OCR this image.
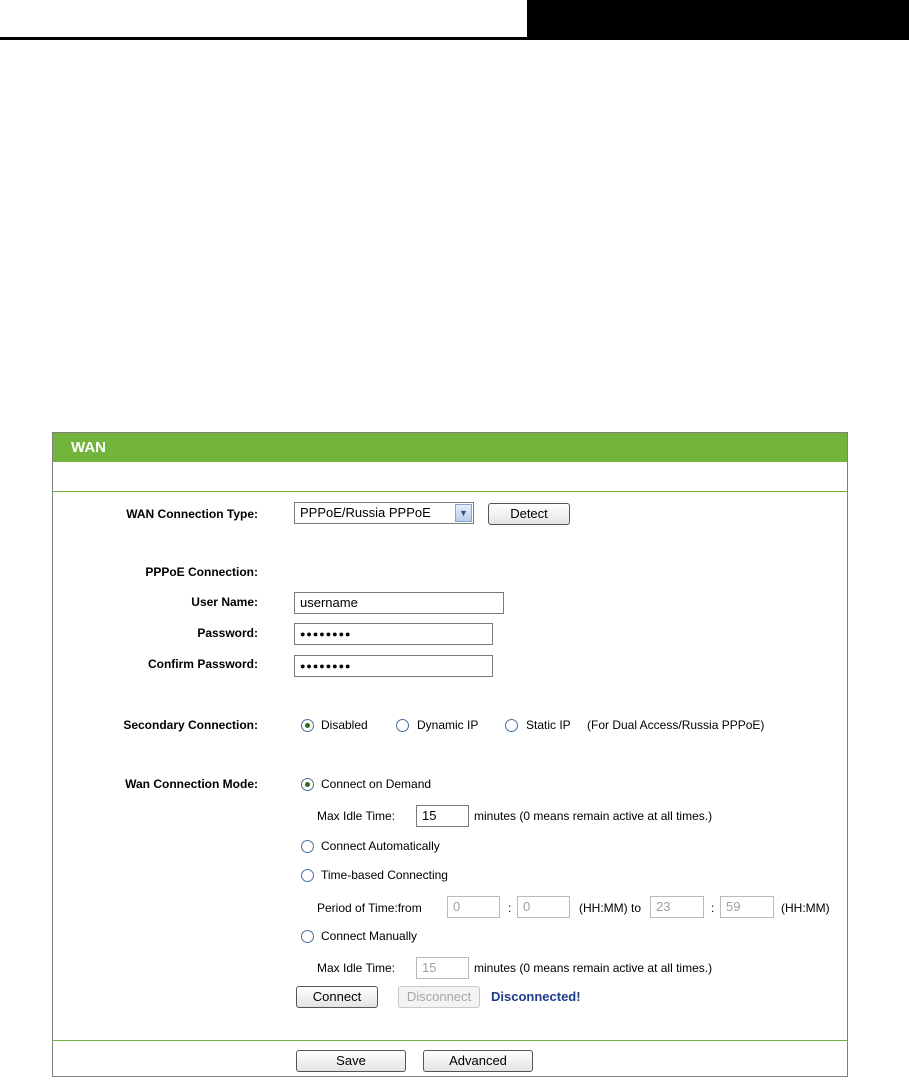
WAN
WAN Connection Type:	PPPoE/Russia PPPoE	▼	Detect
PPPoE Connection:
User Name:	username
Password:	●●●●●●●●
Confirm Password:	●●●●●●●●
Secondary Connection:	Disabled	Dynamic IP	Static IP (For Dual Access/Russia PPPoE)
Wan Connection Mode:	Connect on Demand
Max Idle Time:	15	minutes (0 means remain active at all times.)
Connect Automatically
Time-based Connecting
Period of Time:from	0	: 0	(HH:MM) to	23	: 59	(HH:MM)
Connect Manually
Max Idle Time:	15	minutes (0 means remain active at all times.)
Connect	Disconnect	Disconnected!
Save	Advanced
